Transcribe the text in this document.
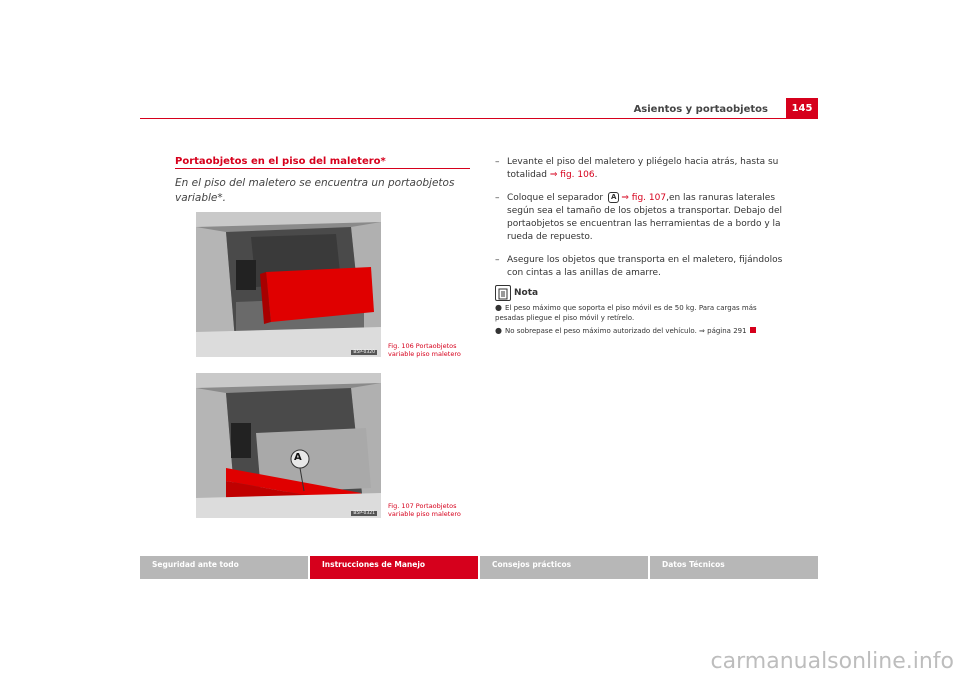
Asientos y portaobjetos	145
Portaobjetos en el piso del maletero*
En el piso del maletero se encuentra un portaobjetos variable*.
B5P-0320
Fig. 106 Portaobjetos variable piso maletero
A
B5P-0321
Fig. 107 Portaobjetos variable piso maletero
– Levante el piso del maletero y pliégelo hacia atrás, hasta su totalidad ⇒ fig. 106.
– Coloque el separador A ⇒ fig. 107,en las ranuras laterales según sea el tamaño de los objetos a transportar. Debajo del portaobjetos se encuentran las herramientas de a bordo y la rueda de repuesto.
– Asegure los objetos que transporta en el maletero, fijándolos con cintas a las anillas de amarre.
Nota

● El peso máximo que soporta el piso móvil es de 50 kg. Para cargas más pesadas pliegue el piso móvil y retírelo.

● No sobrepase el peso máximo autorizado del vehículo. ⇒ página 291

Seguridad ante todo	Instrucciones de Manejo	Consejos prácticos	Datos Técnicos
carmanualsonline.info
